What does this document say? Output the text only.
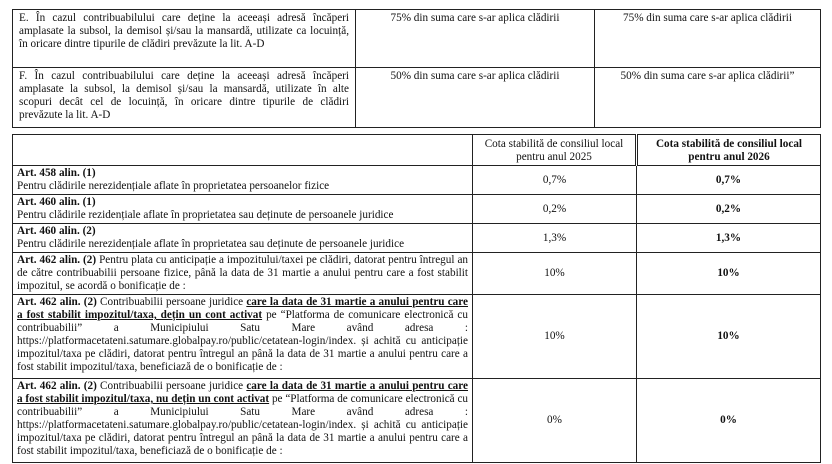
E. În cazul contribuabilului care deține la aceeași adresă încăperi amplasate la subsol, la demisol și/sau la mansardă, utilizate ca locuință, în oricare dintre tipurile de clădiri prevăzute la lit. A-D	75% din suma care s-ar aplica clădirii	75% din suma care s-ar aplica clădirii
F. În cazul contribuabilului care deține la aceeași adresă încăperi amplasate la subsol, la demisol și/sau la mansardă, utilizate în alte scopuri decât cel de locuință, în oricare dintre tipurile de clădiri prevăzute la lit. A-D	50% din suma care s-ar aplica clădirii	50% din suma care s-ar aplica clădirii”
	Cota stabilită de consiliul local pentru anul 2025	Cota stabilită de consiliul local pentru anul 2026
Art. 458 alin. (1)
Pentru clădirile nerezidențiale aflate în proprietatea persoanelor fizice	0,7%	0,7%
Art. 460 alin. (1)
Pentru clădirile rezidențiale aflate în proprietatea sau deținute de persoanele juridice	0,2%	0,2%
Art. 460 alin. (2)
Pentru clădirile nerezidențiale aflate în proprietatea sau deținute de persoanele juridice	1,3%	1,3%
Art. 462 alin. (2) Pentru plata cu anticipație a impozitului/taxei pe clădiri, datorat pentru întregul an de către contribuabilii persoane fizice, până la data de 31 martie a anului pentru care a fost stabilit impozitul, se acordă o bonificație de :	10%	10%
Art. 462 alin. (2) Contribuabilii persoane juridice care la data de 31 martie a anului pentru care a fost stabilit impozitul/taxa, dețin un cont activat pe “Platforma de comunicare electronică cu contribuabilii” a Municipiului Satu Mare având adresa : https://platformacetateni.satumare.globalpay.ro/public/cetatean-login/index. și achită cu anticipație impozitul/taxa pe clădiri, datorat pentru întregul an până la data de 31 martie a anului pentru care a fost stabilit impozitul/taxa, beneficiază de o bonificație de :	10%	10%
Art. 462 alin. (2) Contribuabilii persoane juridice care la data de 31 martie a anului pentru care a fost stabilit impozitul/taxa, nu dețin un cont activat pe “Platforma de comunicare electronică cu contribuabilii” a Municipiului Satu Mare având adresa : https://platformacetateni.satumare.globalpay.ro/public/cetatean-login/index. și achită cu anticipație impozitul/taxa pe clădiri, datorat pentru întregul an până la data de 31 martie a anului pentru care a fost stabilit impozitul/taxa, beneficiază de o bonificație de :	0%	0%
